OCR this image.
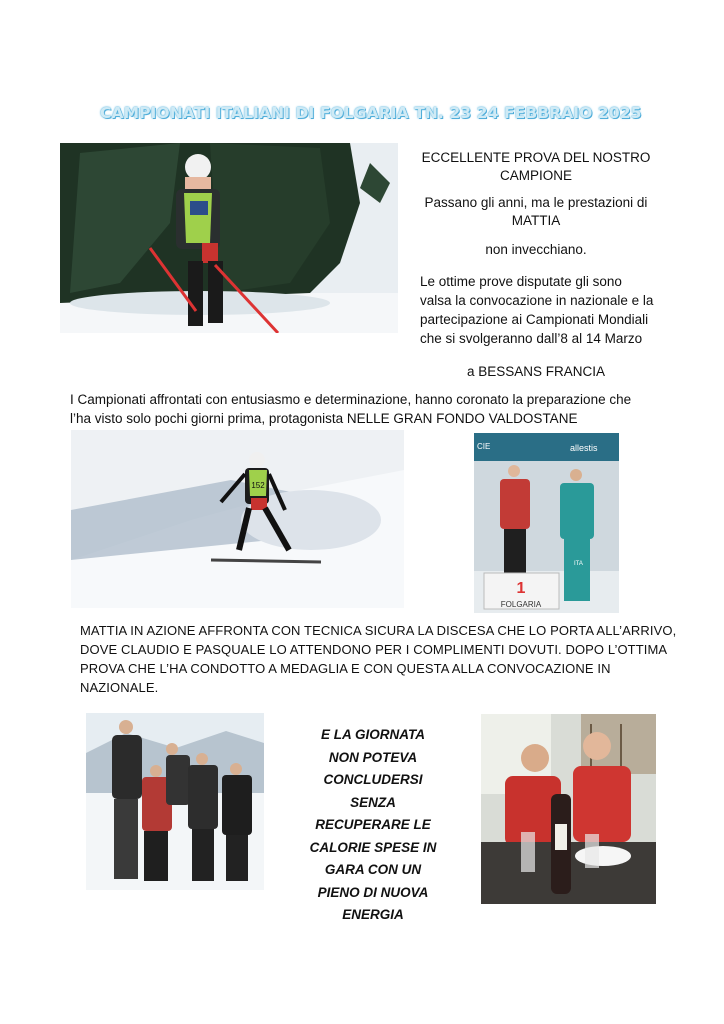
CAMPIONATI ITALIANI DI FOLGARIA TN. 23 24 FEBBRAIO 2025
ECCELLENTE PROVA DEL NOSTRO
CAMPIONE
Passano gli anni, ma le prestazioni di
MATTIA
non invecchiano.
Le ottime prove disputate gli sono
valsa la convocazione in nazionale e la
partecipazione ai Campionati Mondiali
che si svolgeranno dall’8 al 14 Marzo
a BESSANS FRANCIA
I Campionati affrontati con entusiasmo e determinazione, hanno coronato la preparazione che
l’ha visto solo pochi giorni prima, protagonista NELLE GRAN FONDO VALDOSTANE
152
CIE	allestis
ITA
1
FOLGARIA
MATTIA IN AZIONE AFFRONTA CON TECNICA SICURA LA DISCESA CHE LO PORTA ALL’ARRIVO,
DOVE CLAUDIO E PASQUALE LO ATTENDONO PER I COMPLIMENTI DOVUTI. DOPO L’OTTIMA
PROVA CHE L’HA CONDOTTO A MEDAGLIA E CON QUESTA ALLA CONVOCAZIONE IN NAZIONALE.
E LA GIORNATA
NON POTEVA
CONCLUDERSI
SENZA
RECUPERARE LE
CALORIE SPESE IN
GARA CON UN
PIENO DI NUOVA
ENERGIA
